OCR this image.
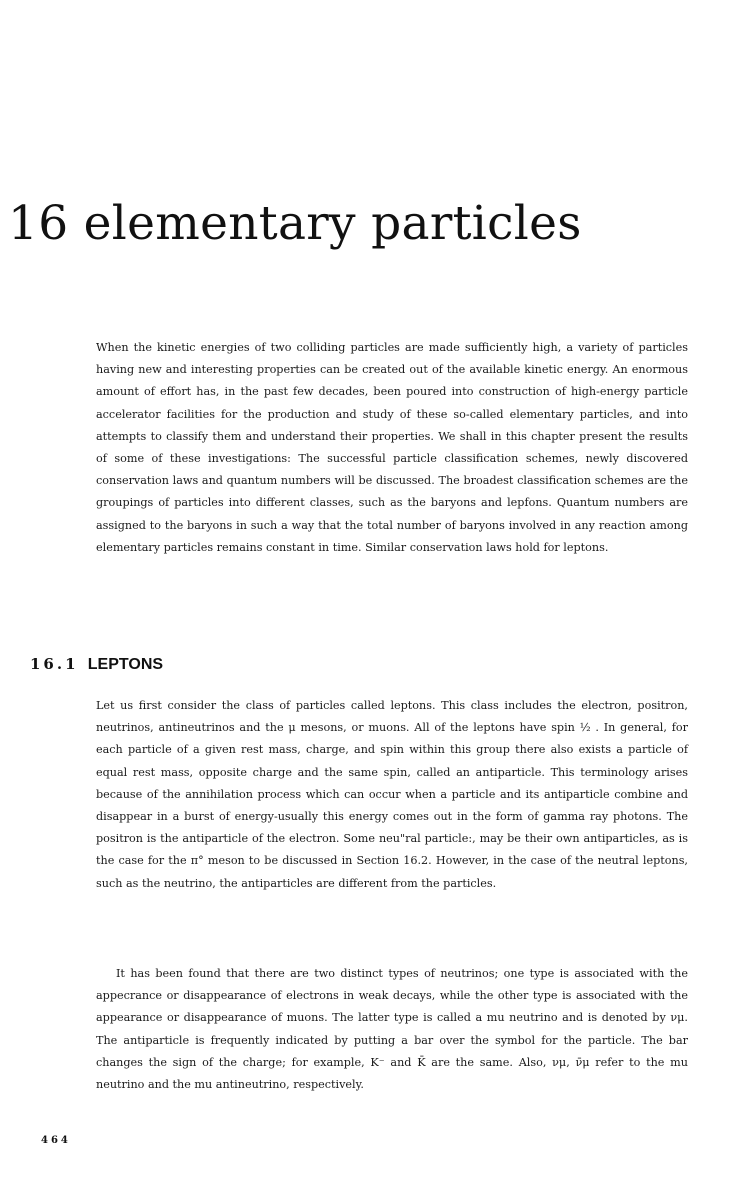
16 elementary particles

When the kinetic energies of two colliding particles are made sufficiently high, a variety of particles having new and interesting properties can be created out of the available kinetic energy. An enormous amount of effort has, in the past few decades, been poured into construction of high-energy particle accelerator facilities for the production and study of these so-called elementary particles, and into attempts to classify them and understand their properties. We shall in this chapter present the results of some of these investigations: The successful particle classification schemes, newly discovered conservation laws and quantum numbers will be discussed. The broadest classification schemes are the groupings of particles into different classes, such as the baryons and lepfons. Quantum numbers are assigned to the baryons in such a way that the total number of baryons involved in any reaction among elementary particles remains constant in time. Similar conservation laws hold for leptons.

16.1 LEPTONS

Let us first consider the class of particles called leptons. This class includes the electron, positron, neutrinos, antineutrinos and the μ mesons, or muons. All of the leptons have spin ½ . In general, for each particle of a given rest mass, charge, and spin within this group there also exists a particle of equal rest mass, opposite charge and the same spin, called an antiparticle. This terminology arises because of the annihilation process which can occur when a particle and its antiparticle combine and disappear in a burst of energy-usually this energy comes out in the form of gamma ray photons. The positron is the antiparticle of the electron. Some neu"ral particle:, may be their own antiparticles, as is the case for the π° meson to be discussed in Section 16.2. However, in the case of the neutral leptons, such as the neutrino, the antiparticles are different from the particles.

It has been found that there are two distinct types of neutrinos; one type is associated with the appecrance or disappearance of electrons in weak decays, while the other type is associated with the appearance or disappearance of muons. The latter type is called a mu neutrino and is denoted by νμ. The antiparticle is frequently indicated by putting a bar over the symbol for the particle. The bar changes the sign of the charge; for example, K⁻ and K̄ are the same. Also, νμ, ν̄μ refer to the mu neutrino and the mu antineutrino, respectively.

464
